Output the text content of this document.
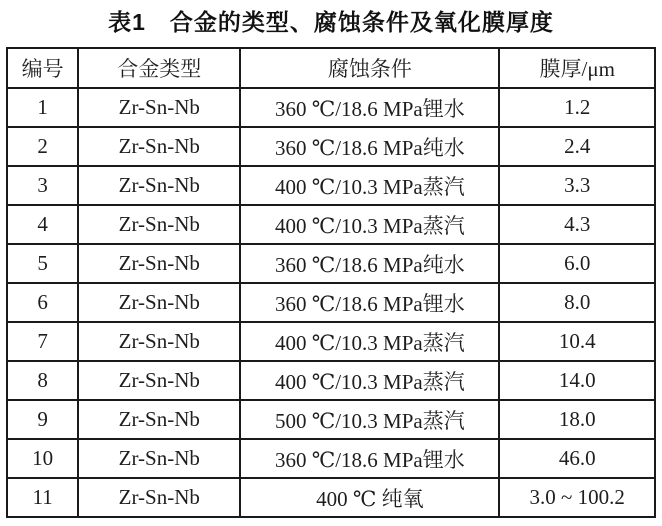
表1　合金的类型、腐蚀条件及氧化膜厚度
编号	合金类型	腐蚀条件	膜厚/μm
1	Zr-Sn-Nb	360 ℃/18.6 MPa锂水	1.2
2	Zr-Sn-Nb	360 ℃/18.6 MPa纯水	2.4
3	Zr-Sn-Nb	400 ℃/10.3 MPa蒸汽	3.3
4	Zr-Sn-Nb	400 ℃/10.3 MPa蒸汽	4.3
5	Zr-Sn-Nb	360 ℃/18.6 MPa纯水	6.0
6	Zr-Sn-Nb	360 ℃/18.6 MPa锂水	8.0
7	Zr-Sn-Nb	400 ℃/10.3 MPa蒸汽	10.4
8	Zr-Sn-Nb	400 ℃/10.3 MPa蒸汽	14.0
9	Zr-Sn-Nb	500 ℃/10.3 MPa蒸汽	18.0
10	Zr-Sn-Nb	360 ℃/18.6 MPa锂水	46.0
11	Zr-Sn-Nb	400 ℃ 纯氧	3.0 ~ 100.2
